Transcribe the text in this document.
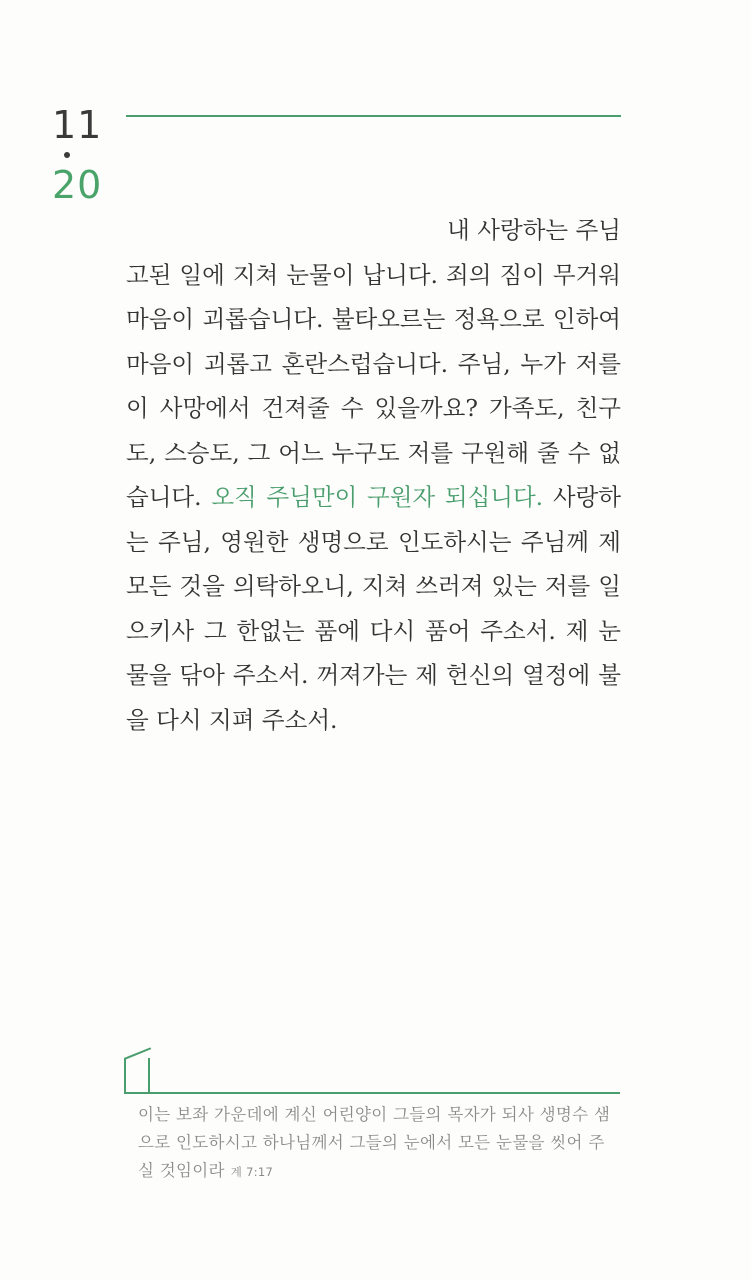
11
20
내 사랑하는 주님
고된 일에 지쳐 눈물이 납니다. 죄의 짐이 무거워 마음이 괴롭습니다. 불타오르는 정욕으로 인하여 마음이 괴롭고 혼란스럽습니다. 주님, 누가 저를 이 사망에서 건져줄 수 있을까요? 가족도, 친구도, 스승도, 그 어느 누구도 저를 구원해 줄 수 없습니다. 오직 주님만이 구원자 되십니다. 사랑하는 주님, 영원한 생명으로 인도하시는 주님께 제 모든 것을 의탁하오니, 지쳐 쓰러져 있는 저를 일으키사 그 한없는 품에 다시 품어 주소서. 제 눈물을 닦아 주소서. 꺼져가는 제 헌신의 열정에 불을 다시 지펴 주소서.
이는 보좌 가운데에 계신 어린양이 그들의 목자가 되사 생명수 샘으로 인도하시고 하나님께서 그들의 눈에서 모든 눈물을 씻어 주실 것임이라 계 7:17
